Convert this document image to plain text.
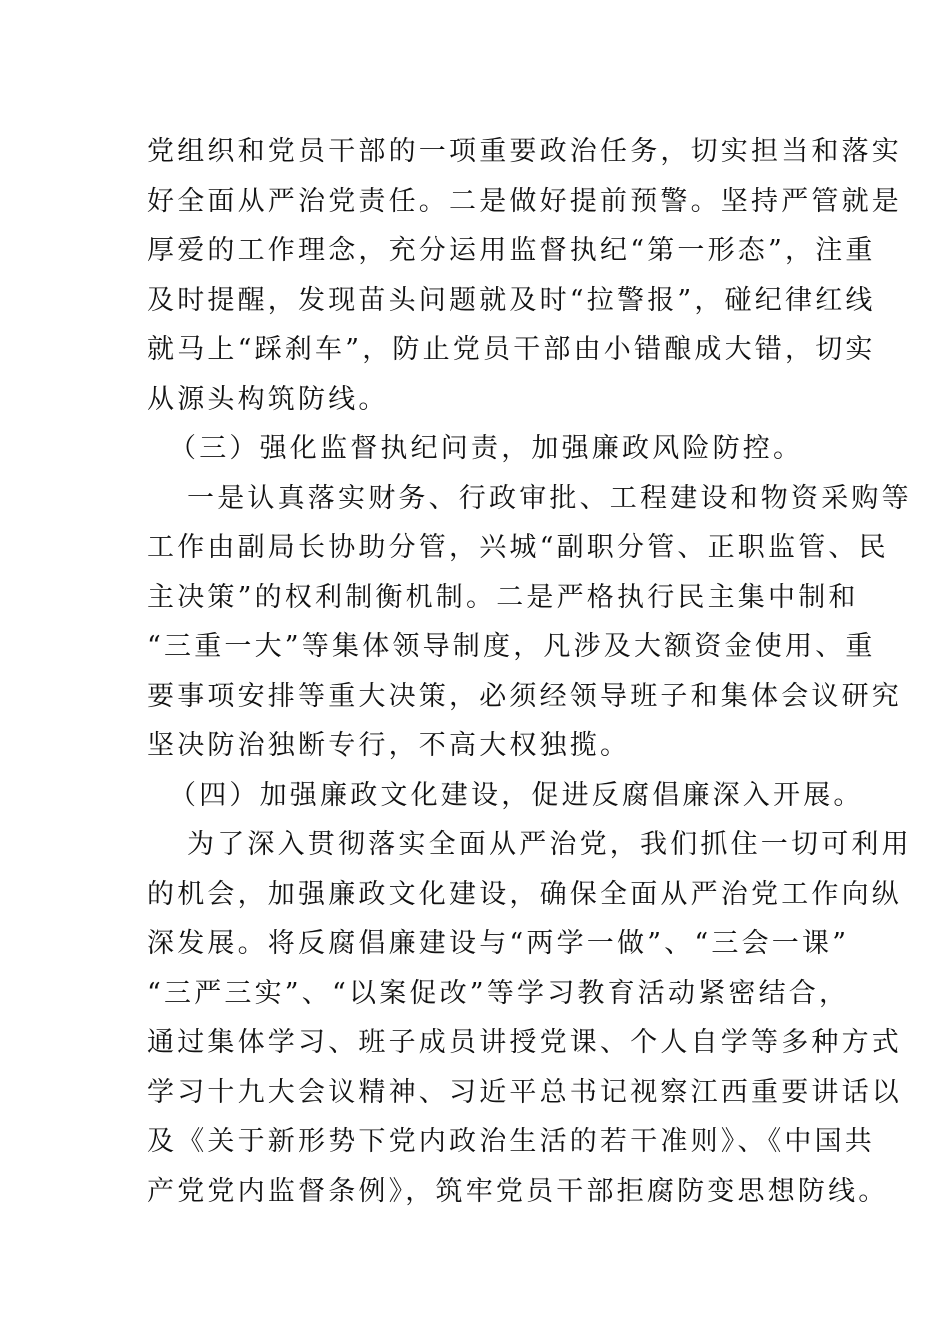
党组织和党员干部的一项重要政治任务，切实担当和落实
好全面从严治党责任。二是做好提前预警。坚持严管就是
厚爱的工作理念，充分运用监督执纪“第一形态”，注重
及时提醒，发现苗头问题就及时“拉警报”，碰纪律红线
就马上“踩刹车”，防止党员干部由小错酿成大错，切实
从源头构筑防线。
（三）强化监督执纪问责，加强廉政风险防控。
一是认真落实财务、行政审批、工程建设和物资采购等
工作由副局长协助分管，兴城“副职分管、正职监管、民
主决策”的权利制衡机制。二是严格执行民主集中制和
“三重一大”等集体领导制度，凡涉及大额资金使用、重
要事项安排等重大决策，必须经领导班子和集体会议研究
坚决防治独断专行，不高大权独揽。
（四）加强廉政文化建设，促进反腐倡廉深入开展。
为了深入贯彻落实全面从严治党，我们抓住一切可利用
的机会，加强廉政文化建设，确保全面从严治党工作向纵
深发展。将反腐倡廉建设与“两学一做”、“三会一课”
“三严三实”、“以案促改”等学习教育活动紧密结合，
通过集体学习、班子成员讲授党课、个人自学等多种方式
学习十九大会议精神、习近平总书记视察江西重要讲话以
及《关于新形势下党内政治生活的若干准则》、《中国共
产党党内监督条例》，筑牢党员干部拒腐防变思想防线。
